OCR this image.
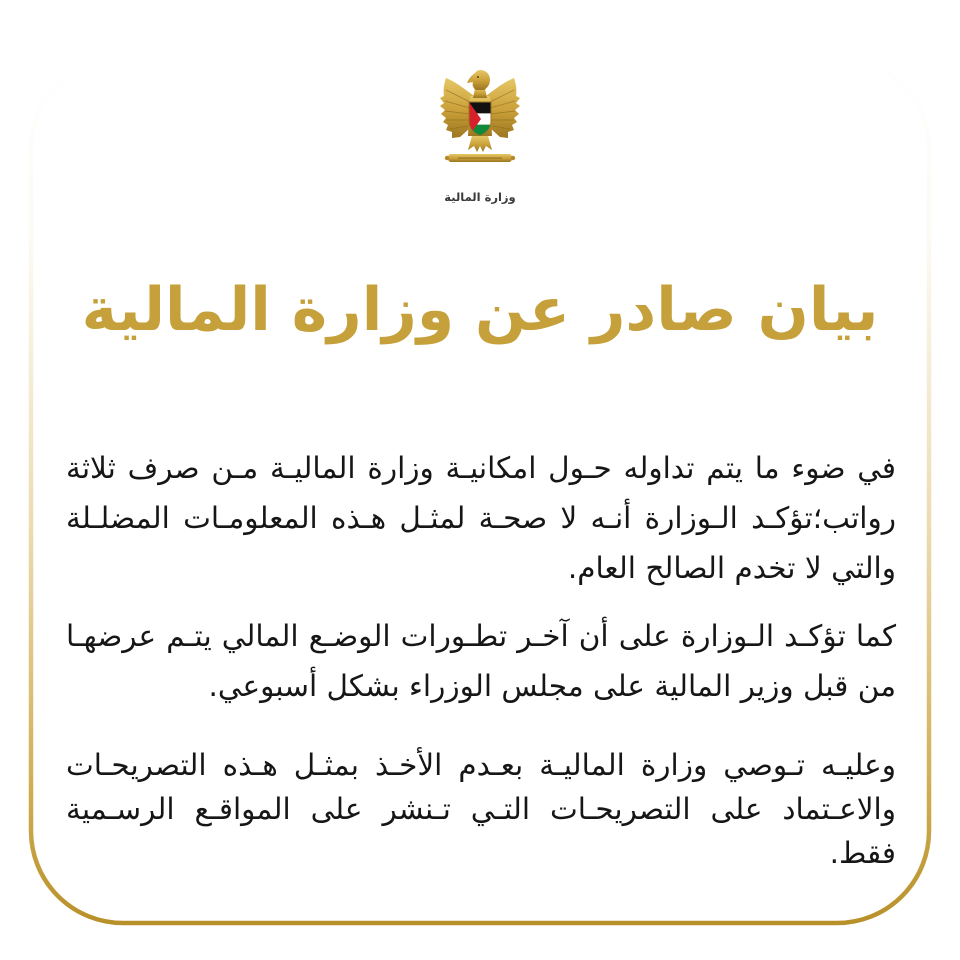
وزارة المالية
بيان صادر عن وزارة المالية
في ضوء ما يتم تداوله حـول امكانيـة وزارة الماليـة مـن صرف ثلاثة
رواتب؛تؤكـد الـوزارة أنـه لا صحـة لمثـل هـذه المعلومـات المضلـلة
والتي لا تخدم الصالح العام.
كما تؤكـد الـوزارة على أن آخـر تطـورات الوضـع المالي يتـم عرضهـا
من قبل وزير المالية على مجلس الوزراء بشكل أسبوعي.
وعليـه تـوصي وزارة الماليـة بعـدم الأخـذ بمثـل هـذه التصريحـات
والاعـتماد على التصريحـات التـي تـنشر على المواقـع الرسـمية
فقط.
